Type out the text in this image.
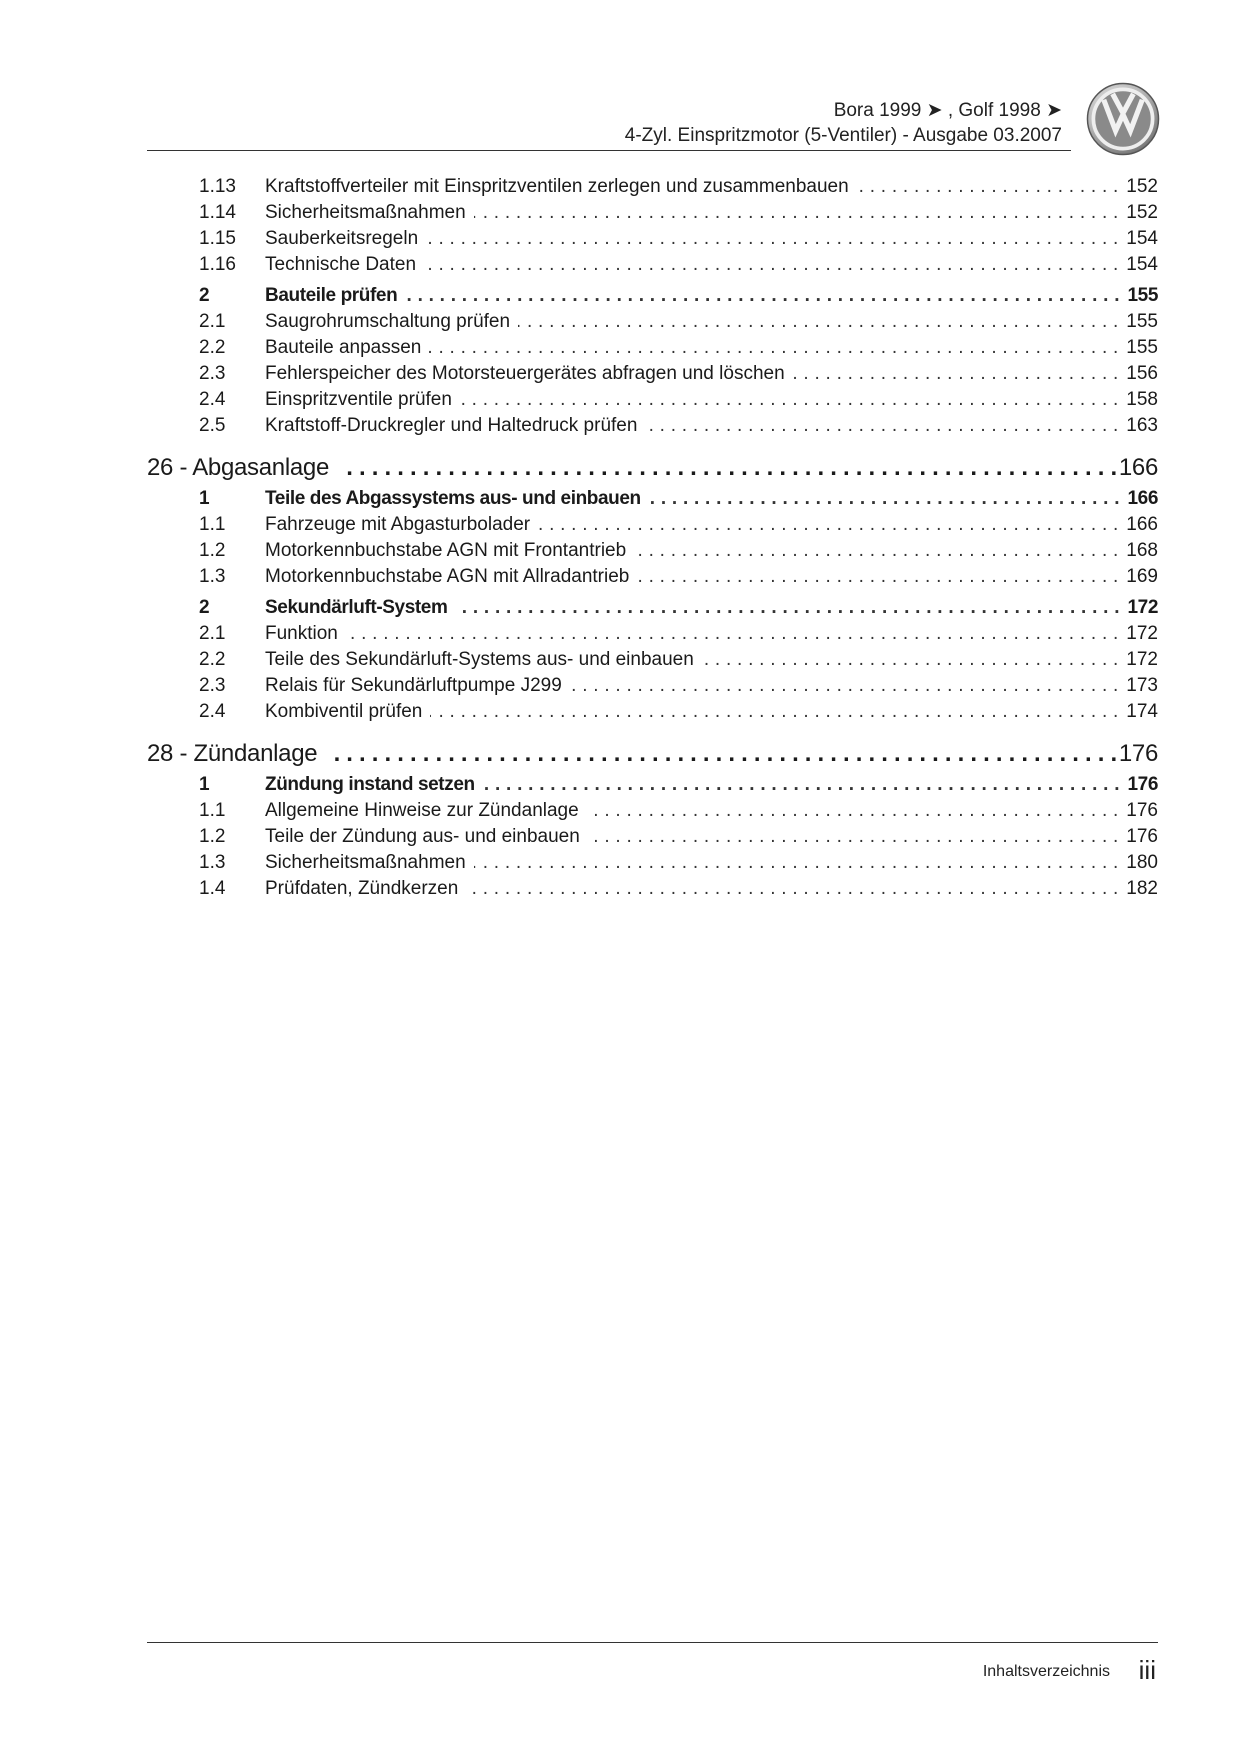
Bora 1999 ➤ , Golf 1998 ➤
4-Zyl. Einspritzmotor (5-Ventiler) - Ausgabe 03.2007
1.13 Kraftstoffverteiler mit Einspritzventilen zerlegen und zusammenbauen . . .	152
1.14 Sicherheitsmaßnahmen . . .	152
1.15 Sauberkeitsregeln . . .	154
1.16 Technische Daten . . .	154
2	Bauteile prüfen . . .	155
2.1 Saugrohrumschaltung prüfen . . .	155
2.2 Bauteile anpassen . . .	155
2.3 Fehlerspeicher des Motorsteuergerätes abfragen und löschen . . .	156
2.4 Einspritzventile prüfen . . .	158
2.5 Kraftstoff-Druckregler und Haltedruck prüfen . . .	163
26 - Abgasanlage . . .	166
1	Teile des Abgassystems aus- und einbauen . . .	166
1.1 Fahrzeuge mit Abgasturbolader . . .	166
1.2 Motorkennbuchstabe AGN mit Frontantrieb . . .	168
1.3 Motorkennbuchstabe AGN mit Allradantrieb . . .	169
2	Sekundärluft-System . . .	172
2.1 Funktion . . .	172
2.2 Teile des Sekundärluft-Systems aus- und einbauen . . .	172
2.3 Relais für Sekundärluftpumpe J299 . . .	173
2.4 Kombiventil prüfen . . .	174
28 - Zündanlage . . .	176
1	Zündung instand setzen . . .	176
1.1 Allgemeine Hinweise zur Zündanlage . . .	176
1.2 Teile der Zündung aus- und einbauen . . .	176
1.3 Sicherheitsmaßnahmen . . .	180
1.4 Prüfdaten, Zündkerzen . . .	182
Inhaltsverzeichnis iii
